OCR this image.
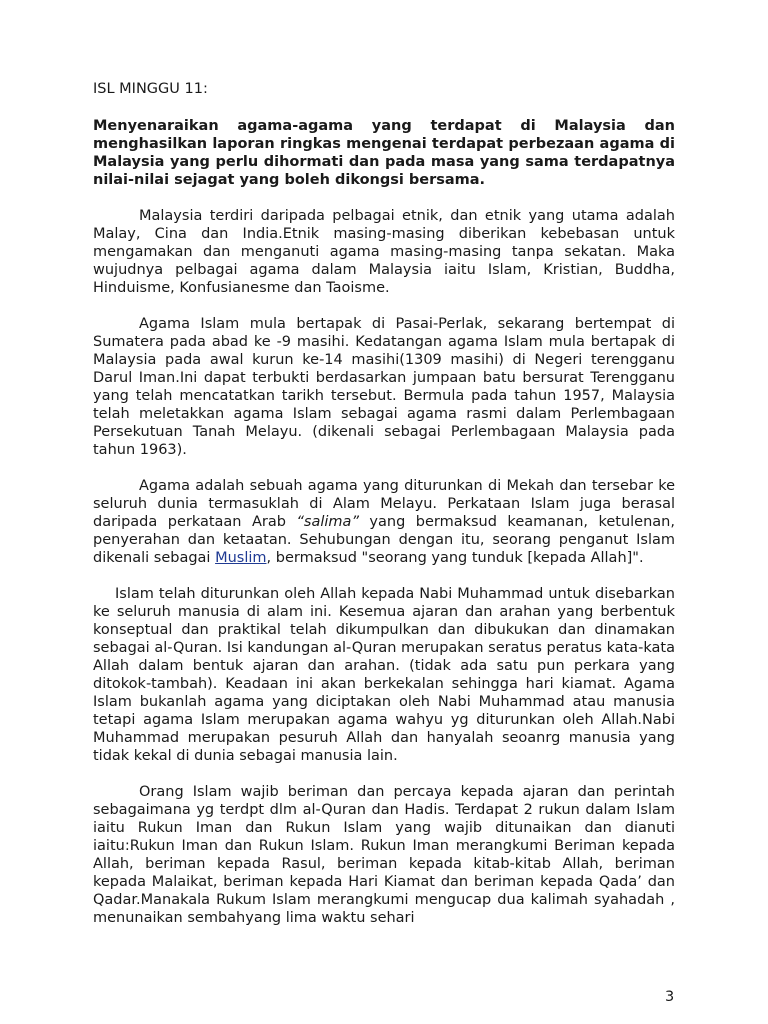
ISL MINGGU 11:
Menyenaraikan agama-agama yang terdapat di Malaysia dan menghasilkan laporan ringkas mengenai terdapat perbezaan agama di Malaysia yang perlu dihormati dan pada masa yang sama terdapatnya nilai-nilai sejagat yang boleh dikongsi bersama.

Malaysia terdiri daripada pelbagai etnik, dan etnik yang utama adalah Malay, Cina dan India.Etnik masing-masing diberikan kebebasan untuk mengamakan dan menganuti agama masing-masing tanpa sekatan. Maka wujudnya pelbagai agama dalam Malaysia iaitu Islam, Kristian, Buddha, Hinduisme, Konfusianesme dan Taoisme.

Agama Islam mula bertapak di Pasai-Perlak, sekarang bertempat di Sumatera pada abad ke -9 masihi. Kedatangan agama Islam mula bertapak di Malaysia pada awal kurun ke-14 masihi(1309 masihi) di Negeri terengganu Darul Iman.Ini dapat terbukti berdasarkan jumpaan batu bersurat Terengganu yang telah mencatatkan tarikh tersebut. Bermula pada tahun 1957, Malaysia telah meletakkan agama Islam sebagai agama rasmi dalam Perlembagaan Persekutuan Tanah Melayu. (dikenali sebagai Perlembagaan Malaysia pada tahun 1963).

Agama adalah sebuah agama yang diturunkan di Mekah dan tersebar ke seluruh dunia termasuklah di Alam Melayu. Perkataan Islam juga berasal daripada perkataan Arab “salima” yang bermaksud keamanan, ketulenan, penyerahan dan ketaatan. Sehubungan dengan itu, seorang penganut Islam dikenali sebagai Muslim, bermaksud "seorang yang tunduk [kepada Allah]".

Islam telah diturunkan oleh Allah kepada Nabi Muhammad untuk disebarkan ke seluruh manusia di alam ini. Kesemua ajaran dan arahan yang berbentuk konseptual dan praktikal telah dikumpulkan dan dibukukan dan dinamakan sebagai al-Quran. Isi kandungan al-Quran merupakan seratus peratus kata-kata Allah dalam bentuk ajaran dan arahan. (tidak ada satu pun perkara yang ditokok-tambah). Keadaan ini akan berkekalan sehingga hari kiamat. Agama Islam bukanlah agama yang diciptakan oleh Nabi Muhammad atau manusia tetapi agama Islam merupakan agama wahyu yg diturunkan oleh Allah.Nabi Muhammad merupakan pesuruh Allah dan hanyalah seoanrg manusia yang tidak kekal di dunia sebagai manusia lain.

Orang Islam wajib beriman dan percaya kepada ajaran dan perintah sebagaimana yg terdpt dlm al-Quran dan Hadis. Terdapat 2 rukun dalam Islam iaitu Rukun Iman dan Rukun Islam yang wajib ditunaikan dan dianuti iaitu:Rukun Iman dan Rukun Islam. Rukun Iman merangkumi Beriman kepada Allah, beriman kepada Rasul, beriman kepada kitab-kitab Allah, beriman kepada Malaikat, beriman kepada Hari Kiamat dan beriman kepada Qada’ dan Qadar.Manakala Rukum Islam merangkumi mengucap dua kalimah syahadah , menunaikan sembahyang lima waktu sehari

3
